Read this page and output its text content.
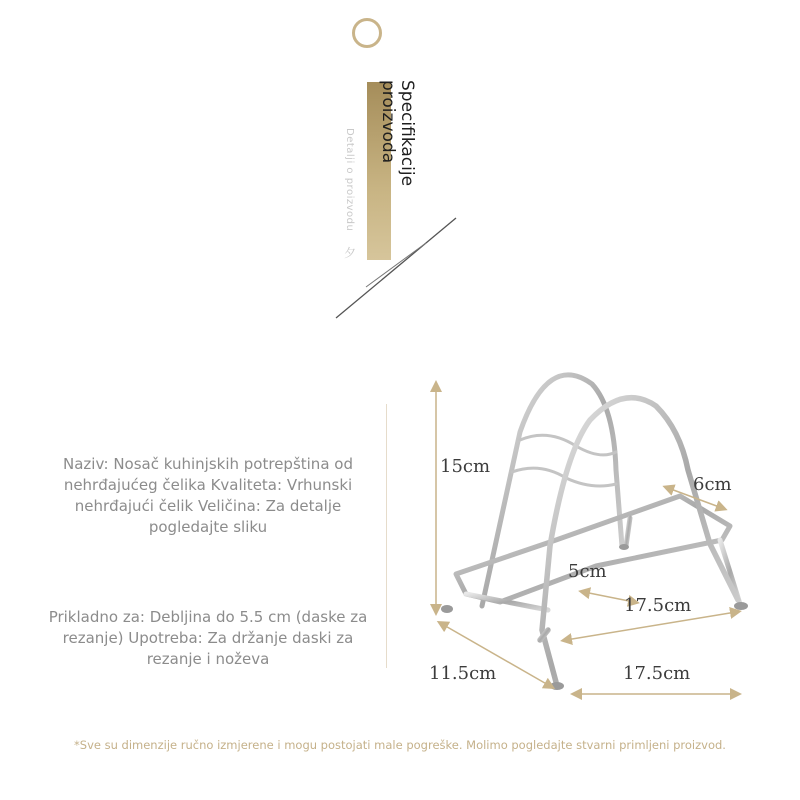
Specifikacije
proizvoda
Detalji o proizvodu
夕
Naziv: Nosač kuhinjskih potrepština od nehrđajućeg čelika Kvaliteta: Vrhunski nehrđajući čelik Veličina: Za detalje pogledajte sliku
Prikladno za: Debljina do 5.5 cm (daske za rezanje) Upotreba: Za držanje daski za rezanje i noževa
15cm
6cm
5cm
17.5cm
11.5cm	17.5cm
*Sve su dimenzije ručno izmjerene i mogu postojati male pogreške. Molimo pogledajte stvarni primljeni proizvod.
